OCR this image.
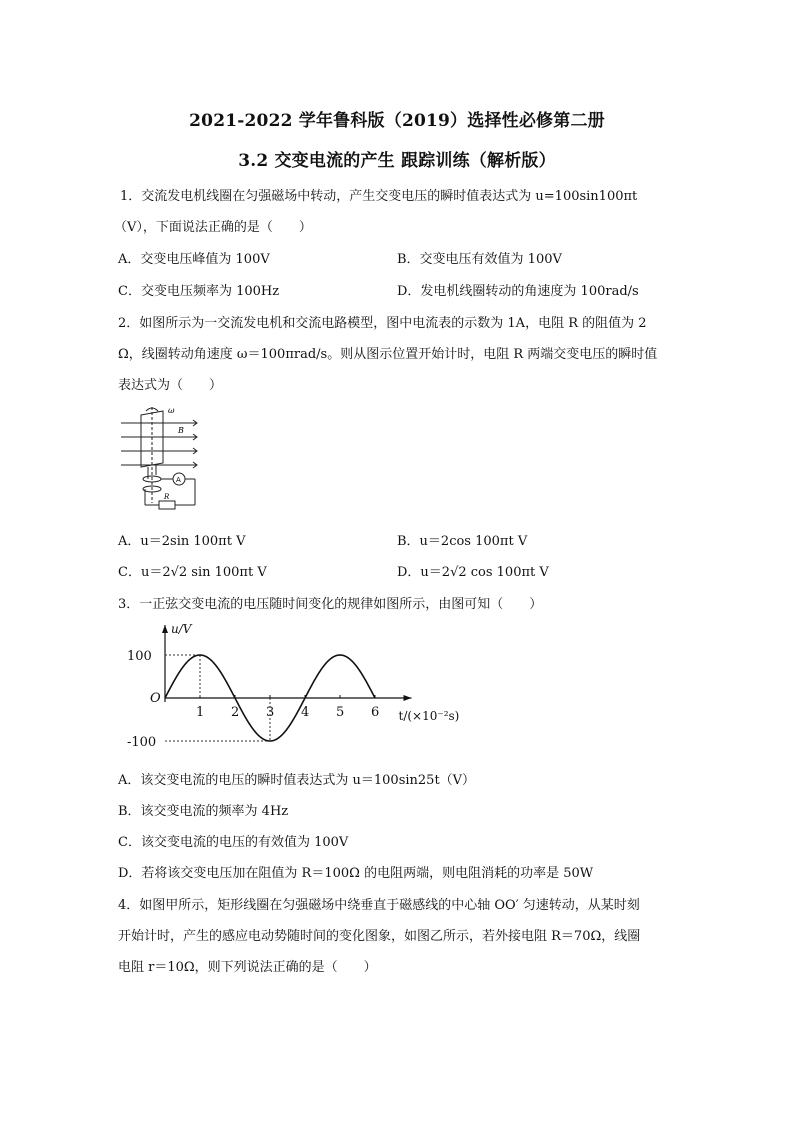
2021-2022 学年鲁科版（2019）选择性必修第二册
3.2 交变电流的产生 跟踪训练（解析版）
1．交流发电机线圈在匀强磁场中转动，产生交变电压的瞬时值表达式为 u=100sin100πt
（V），下面说法正确的是（　　）
A．交变电压峰值为 100V	B．交变电压有效值为 100V
C．交变电压频率为 100Hz	D．发电机线圈转动的角速度为 100rad/s
2．如图所示为一交流发电机和交流电路模型，图中电流表的示数为 1A，电阻 R 的阻值为 2
Ω，线圈转动角速度 ω＝100πrad/s。则从图示位置开始计时，电阻 R 两端交变电压的瞬时值
表达式为（　　）
ω
B
A
R
A．u＝2sin 100πt V	B．u＝2cos 100πt V
C．u＝2√2 sin 100πt V	D．u＝2√2 cos 100πt V
3．一正弦交变电流的电压随时间变化的规律如图所示，由图可知（　　）
O
u/V
t/(×10⁻²s)
100
-100
1 2 3 4 5 6
A．该交变电流的电压的瞬时值表达式为 u＝100sin25t（V）
B．该交变电流的频率为 4Hz
C．该交变电流的电压的有效值为 100V
D．若将该交变电压加在阻值为 R＝100Ω 的电阻两端，则电阻消耗的功率是 50W
4．如图甲所示，矩形线圈在匀强磁场中绕垂直于磁感线的中心轴 OO′ 匀速转动，从某时刻
开始计时，产生的感应电动势随时间的变化图象，如图乙所示，若外接电阻 R＝70Ω，线圈
电阻 r＝10Ω，则下列说法正确的是（　　）
